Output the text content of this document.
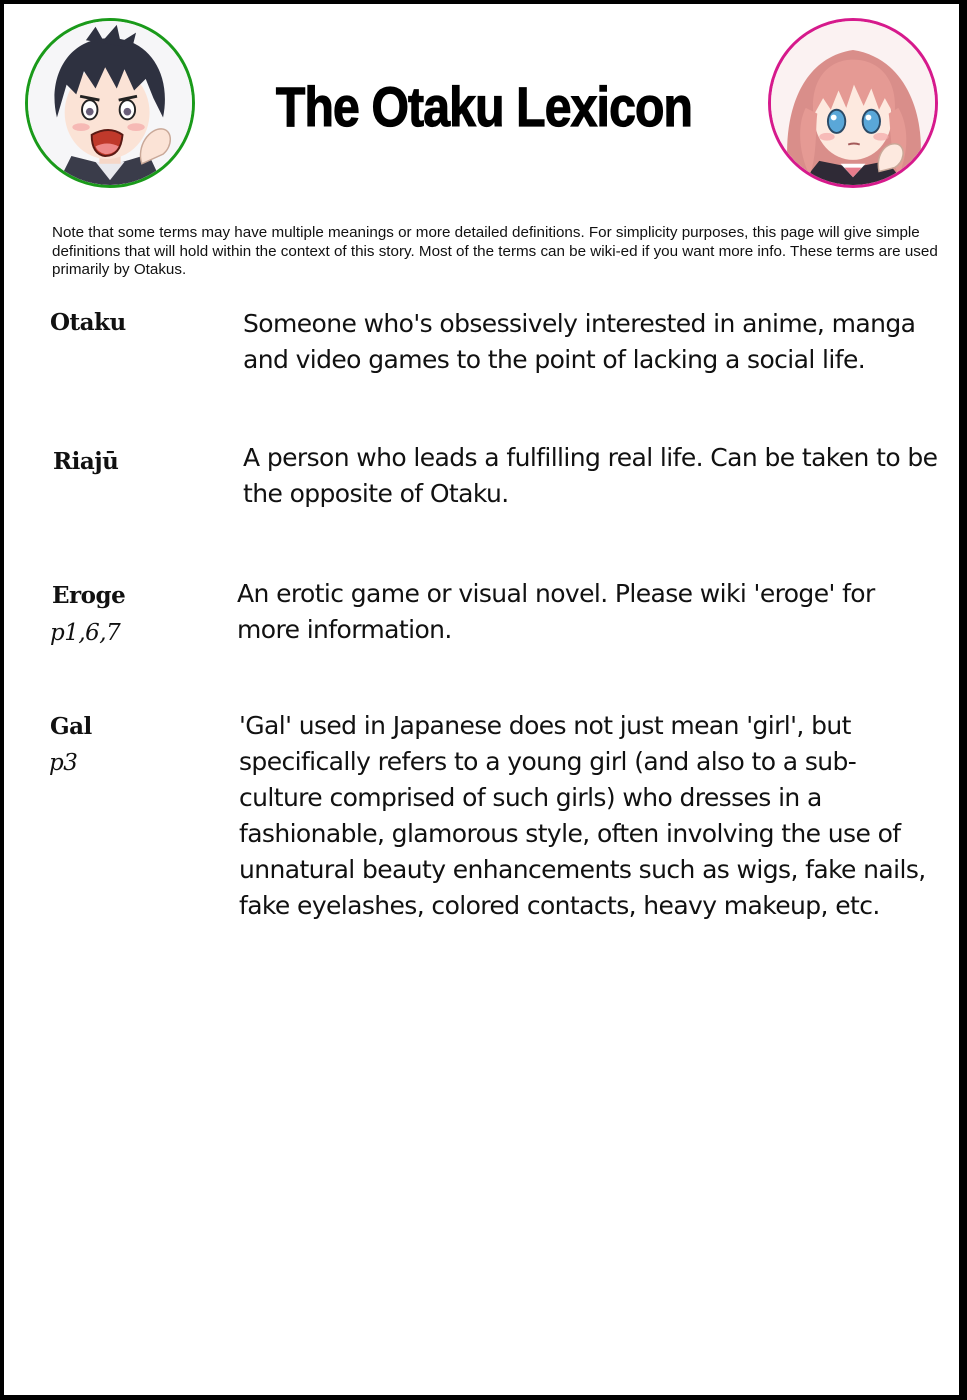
The Otaku Lexicon
Note that some terms may have multiple meanings or more detailed definitions. For simplicity purposes, this page will give simple definitions that will hold within the context of this story. Most of the terms can be wiki-ed if you want more info. These terms are used primarily by Otakus.
Otaku	Someone who's obsessively interested in anime, manga and video games to the point of lacking a social life.
Riajū	A person who leads a fulfilling real life. Can be taken to be the opposite of Otaku.
Eroge
p1,6,7
An erotic game or visual novel. Please wiki 'eroge' for more information.
Gal
p3
'Gal' used in Japanese does not just mean 'girl', but specifically refers to a young girl (and also to a sub-culture comprised of such girls) who dresses in a fashionable, glamorous style, often involving the use of unnatural beauty enhancements such as wigs, fake nails, fake eyelashes, colored contacts, heavy makeup, etc.
